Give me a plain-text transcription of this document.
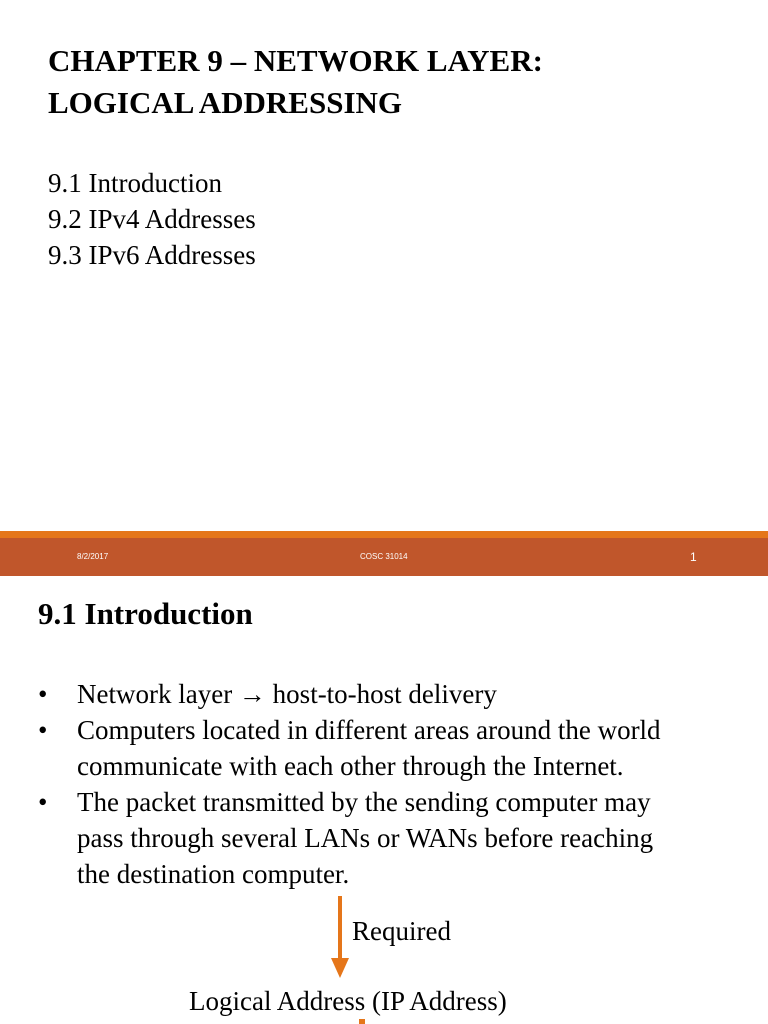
CHAPTER 9 – NETWORK LAYER:
LOGICAL ADDRESSING
9.1 Introduction
9.2 IPv4 Addresses
9.3 IPv6 Addresses
8/2/2017	COSC 31014	1
9.1 Introduction
• Network layer → host-to-host delivery
• Computers located in different areas around the world
communicate with each other through the Internet.
• The packet transmitted by the sending computer may
pass through several LANs or WANs before reaching
the destination computer.
Required
Logical Address (IP Address)
